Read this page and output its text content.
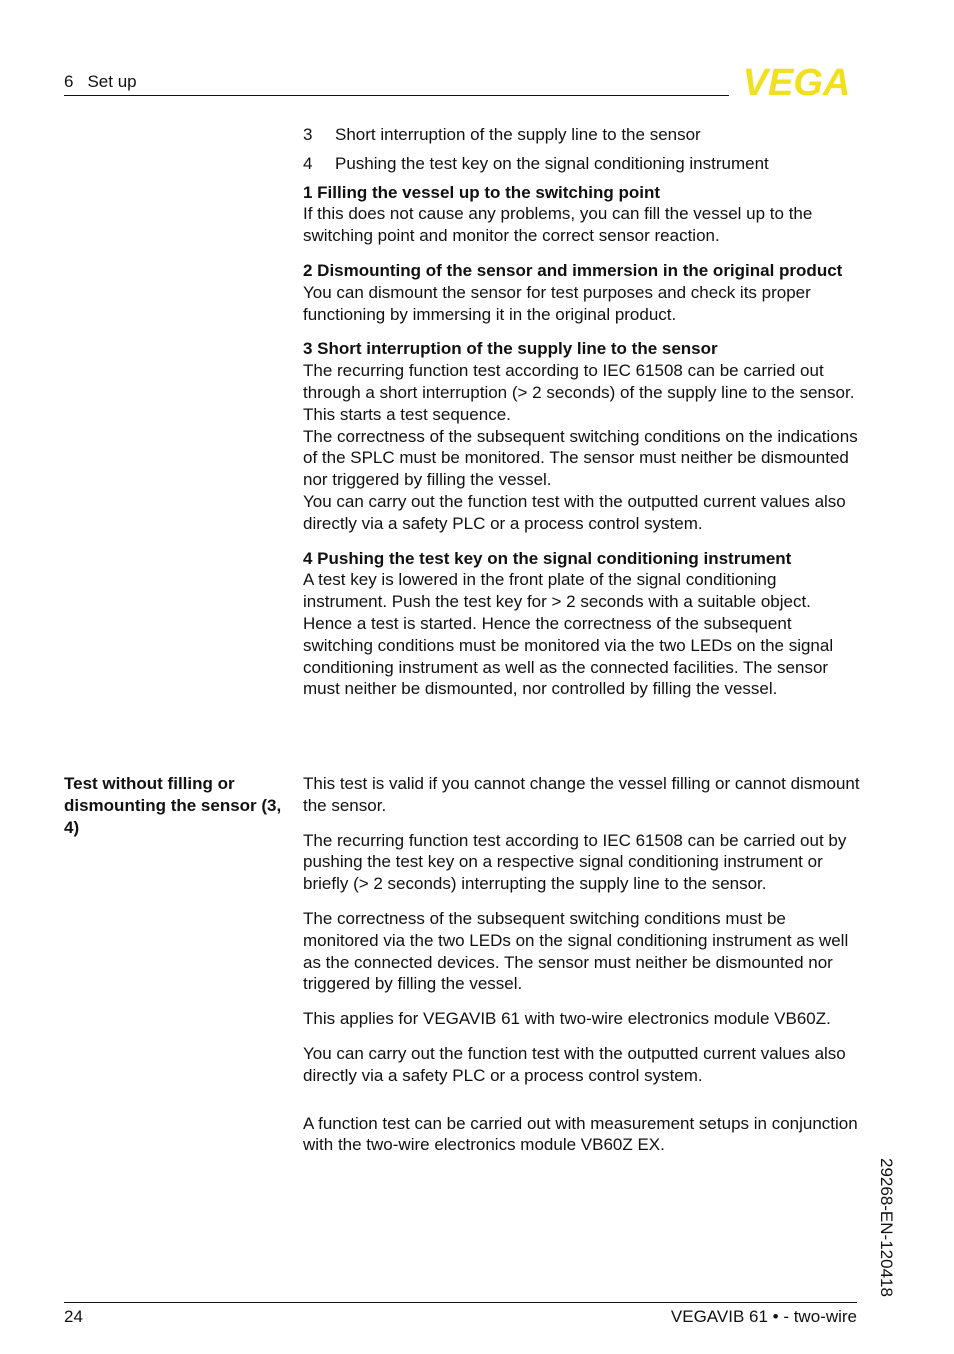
6 Set up	VEGA
3	Short interruption of the supply line to the sensor
4	Pushing the test key on the signal conditioning instrument
1 Filling the vessel up to the switching point

If this does not cause any problems, you can fill the vessel up to the switching point and monitor the correct sensor reaction.

2 Dismounting of the sensor and immersion in the original product

You can dismount the sensor for test purposes and check its proper functioning by immersing it in the original product.

3 Short interruption of the supply line to the sensor

The recurring function test according to IEC 61508 can be carried out through a short interruption (> 2 seconds) of the supply line to the sensor. This starts a test sequence.

The correctness of the subsequent switching conditions on the indications of the SPLC must be monitored. The sensor must neither be dismounted nor triggered by filling the vessel.

You can carry out the function test with the outputted current values also directly via a safety PLC or a process control system.

4 Pushing the test key on the signal conditioning instrument

A test key is lowered in the front plate of the signal conditioning instrument. Push the test key for > 2 seconds with a suitable object. Hence a test is started. Hence the correctness of the subsequent switching conditions must be monitored via the two LEDs on the signal conditioning instrument as well as the connected facilities. The sensor must neither be dismounted, nor controlled by filling the vessel.

Test without filling or dismounting the sensor (3, 4)

This test is valid if you cannot change the vessel filling or cannot dismount the sensor.

The recurring function test according to IEC 61508 can be carried out by pushing the test key on a respective signal conditioning instrument or briefly (> 2 seconds) interrupting the supply line to the sensor.

The correctness of the subsequent switching conditions must be monitored via the two LEDs on the signal conditioning instrument as well as the connected devices. The sensor must neither be dismounted nor triggered by filling the vessel.

This applies for VEGAVIB 61 with two-wire electronics module VB60Z.

You can carry out the function test with the outputted current values also directly via a safety PLC or a process control system.

A function test can be carried out with measurement setups in conjunction with the two-wire electronics module VB60Z EX.

29268-EN-120418
24	VEGAVIB 61 • - two-wire
